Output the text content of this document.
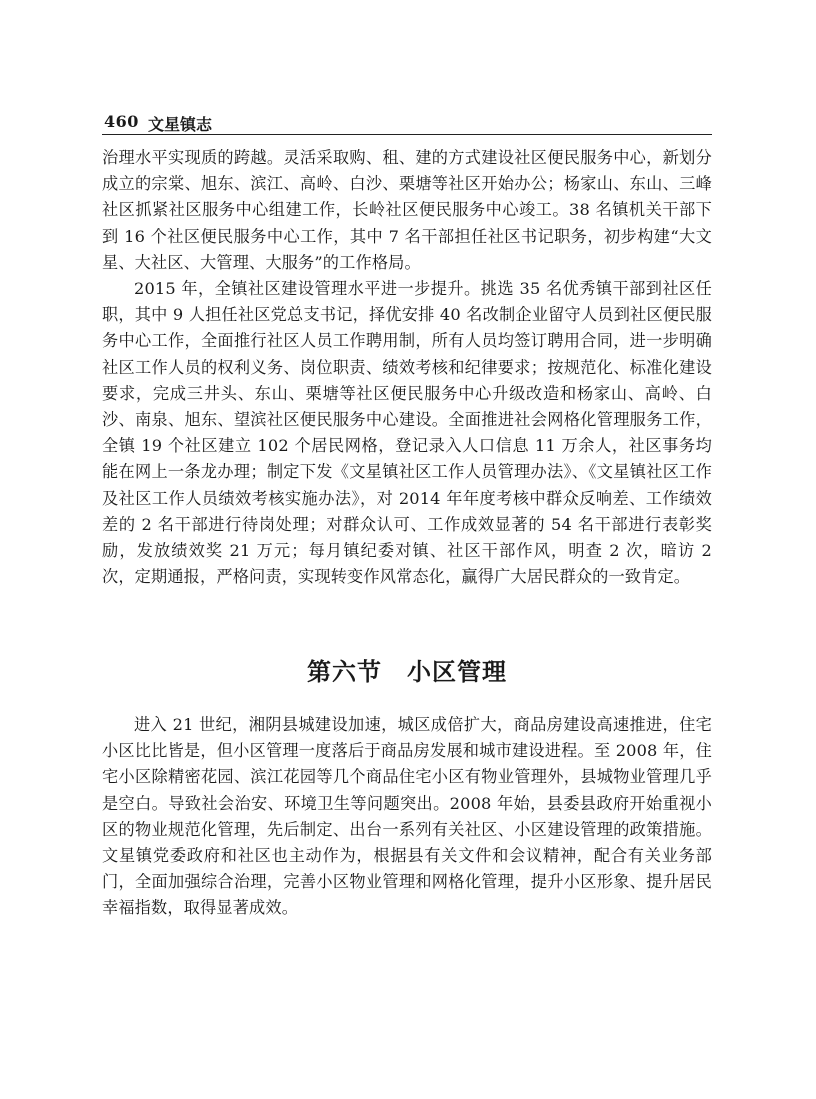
460 文星镇志

治理水平实现质的跨越。灵活采取购、租、建的方式建设社区便民服务中心，新划分成立的宗棠、旭东、滨江、高岭、白沙、栗塘等社区开始办公；杨家山、东山、三峰社区抓紧社区服务中心组建工作，长岭社区便民服务中心竣工。38 名镇机关干部下到 16 个社区便民服务中心工作，其中 7 名干部担任社区书记职务，初步构建“大文星、大社区、大管理、大服务”的工作格局。

2015 年，全镇社区建设管理水平进一步提升。挑选 35 名优秀镇干部到社区任职，其中 9 人担任社区党总支书记，择优安排 40 名改制企业留守人员到社区便民服务中心工作，全面推行社区人员工作聘用制，所有人员均签订聘用合同，进一步明确社区工作人员的权利义务、岗位职责、绩效考核和纪律要求；按规范化、标准化建设要求，完成三井头、东山、栗塘等社区便民服务中心升级改造和杨家山、高岭、白沙、南泉、旭东、望滨社区便民服务中心建设。全面推进社会网格化管理服务工作，全镇 19 个社区建立 102 个居民网格，登记录入人口信息 11 万余人，社区事务均能在网上一条龙办理；制定下发《文星镇社区工作人员管理办法》、《文星镇社区工作及社区工作人员绩效考核实施办法》，对 2014 年年度考核中群众反响差、工作绩效差的 2 名干部进行待岗处理；对群众认可、工作成效显著的 54 名干部进行表彰奖励，发放绩效奖 21 万元；每月镇纪委对镇、社区干部作风，明查 2 次，暗访 2 次，定期通报，严格问责，实现转变作风常态化，赢得广大居民群众的一致肯定。

第六节　小区管理

进入 21 世纪，湘阴县城建设加速，城区成倍扩大，商品房建设高速推进，住宅小区比比皆是，但小区管理一度落后于商品房发展和城市建设进程。至 2008 年，住宅小区除精密花园、滨江花园等几个商品住宅小区有物业管理外，县城物业管理几乎是空白。导致社会治安、环境卫生等问题突出。2008 年始，县委县政府开始重视小区的物业规范化管理，先后制定、出台一系列有关社区、小区建设管理的政策措施。文星镇党委政府和社区也主动作为，根据县有关文件和会议精神，配合有关业务部门，全面加强综合治理，完善小区物业管理和网格化管理，提升小区形象、提升居民幸福指数，取得显著成效。
